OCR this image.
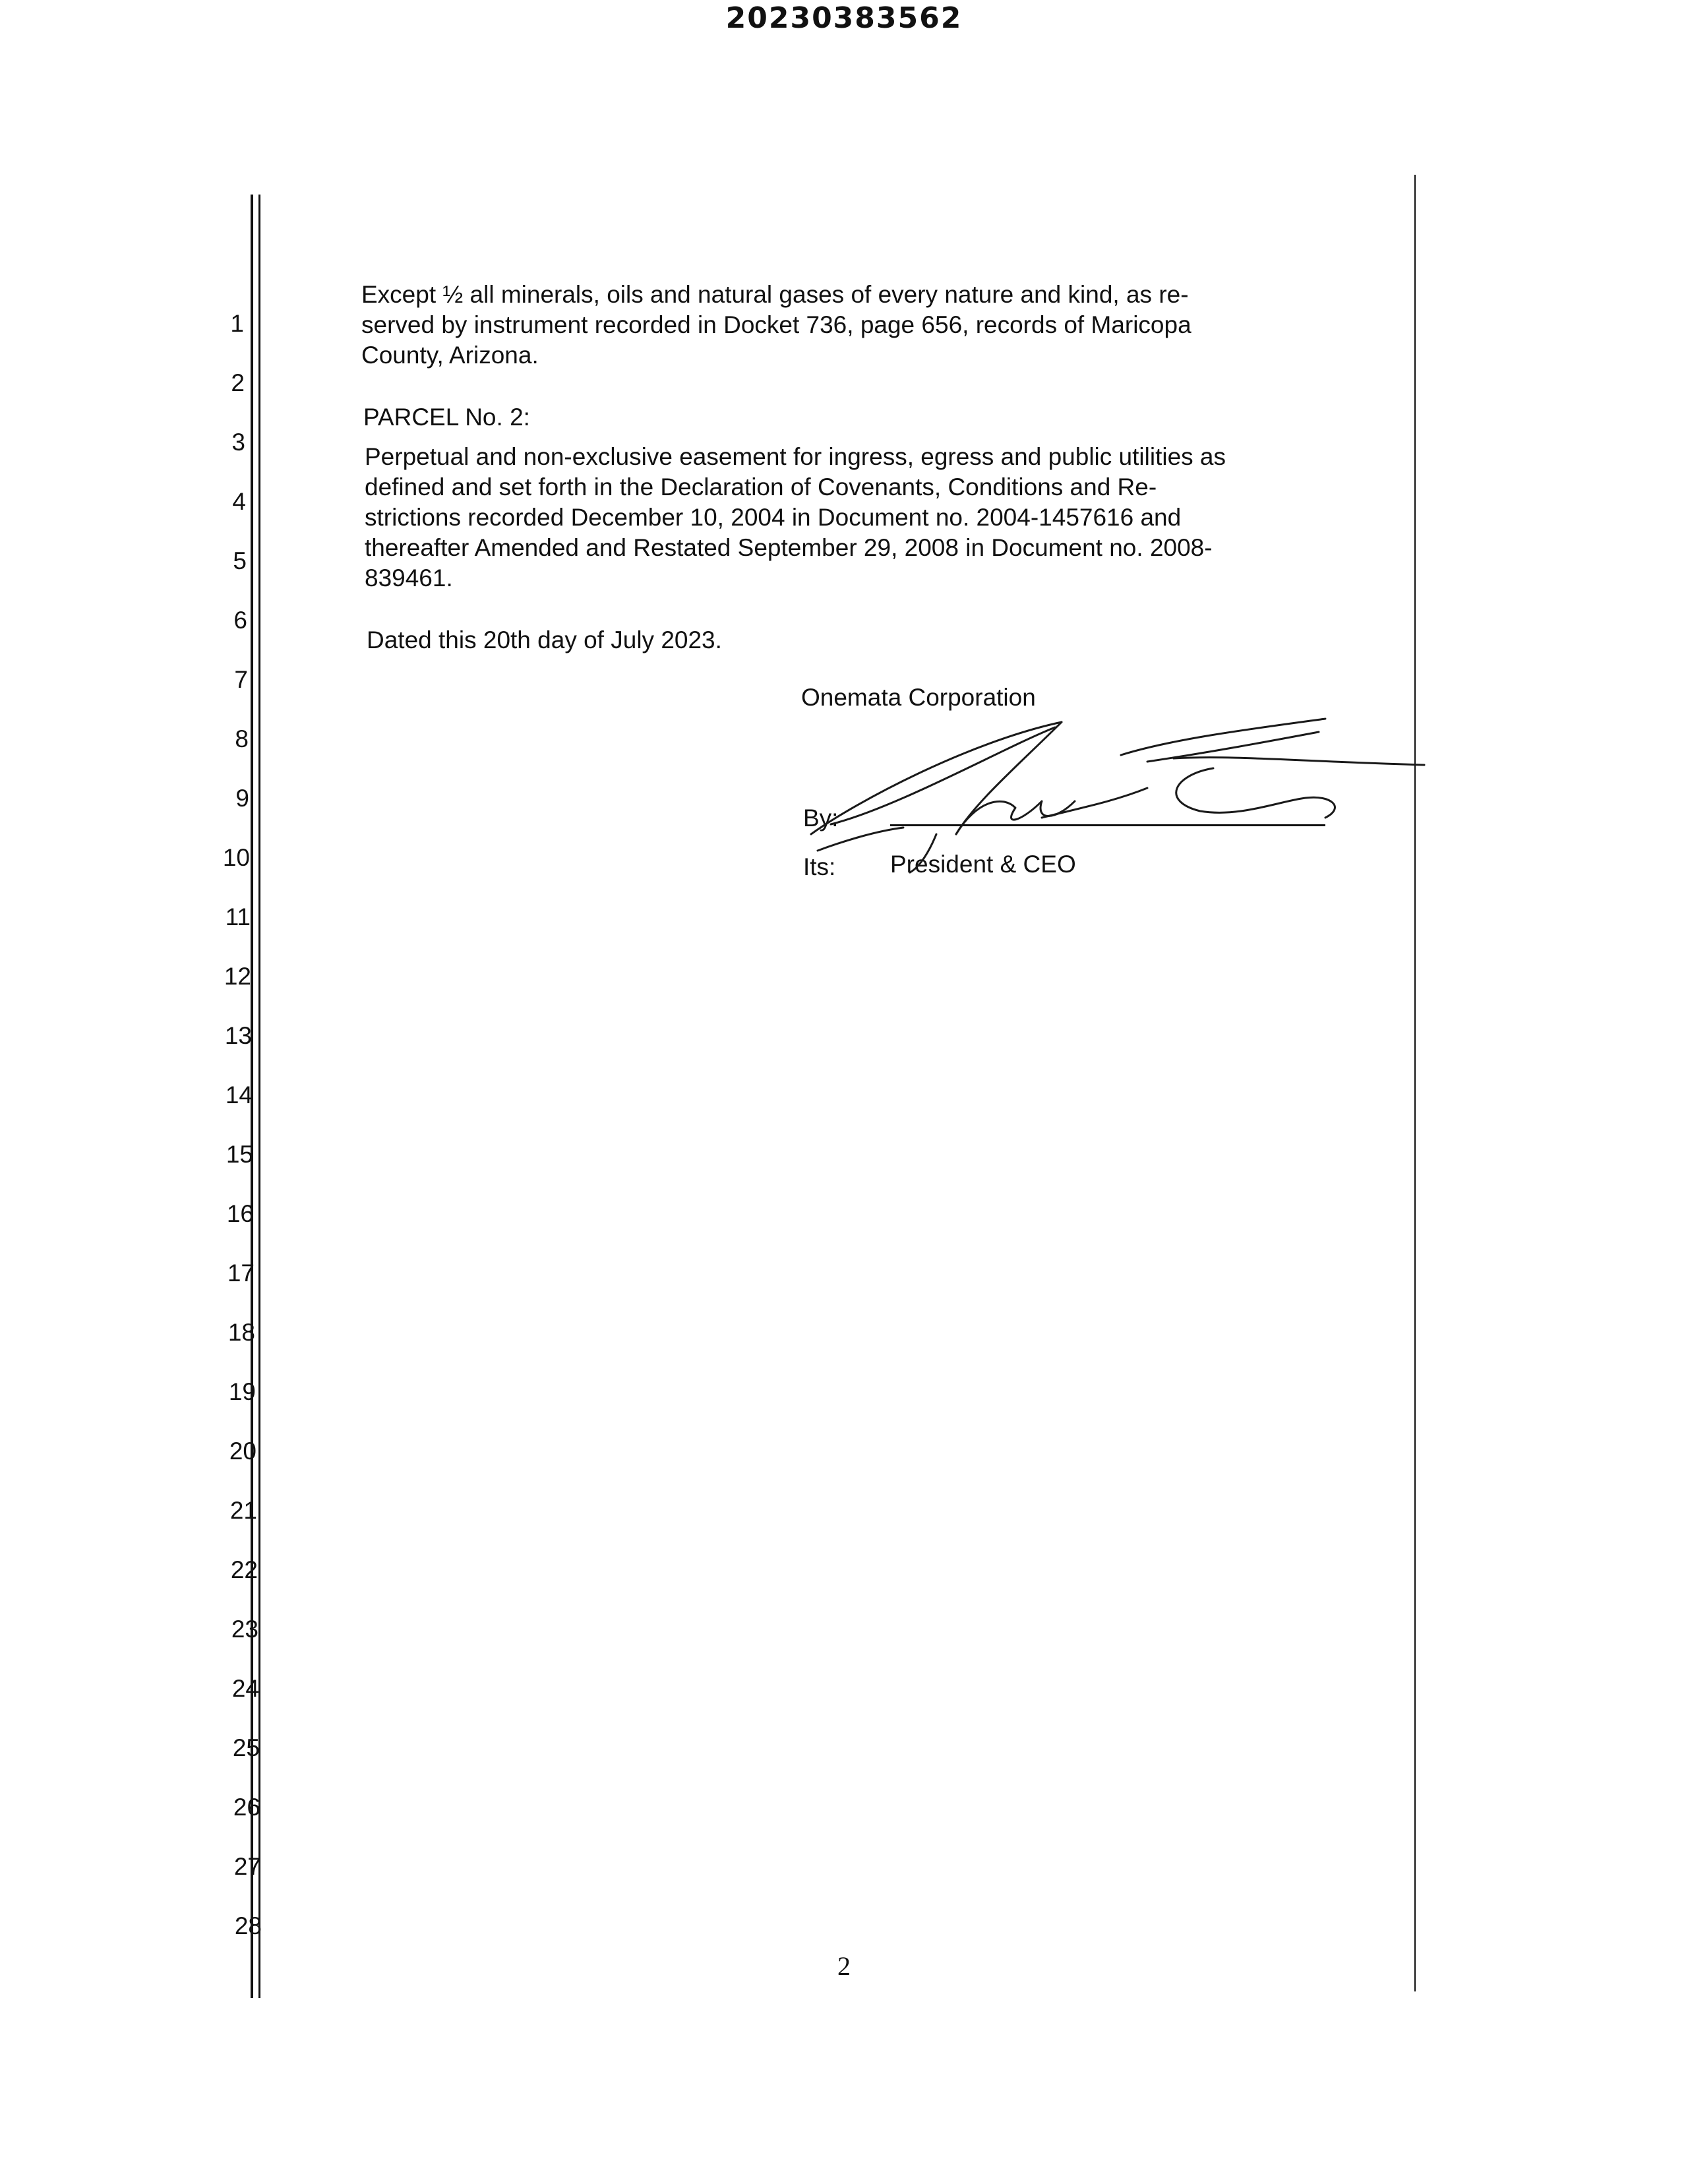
20230383562
1
2
3
4
5
6
7
8
9
10
11
12
13
14
15
16
17
18
19
20
21
22
23
24
25
26
27
28
Except ½ all minerals, oils and natural gases of every nature and kind, as re-
served by instrument recorded in Docket 736, page 656, records of Maricopa
County, Arizona.
PARCEL No. 2:
Perpetual and non-exclusive easement for ingress, egress and public utilities as
defined and set forth in the Declaration of Covenants, Conditions and Re-
strictions recorded December 10, 2004 in Document no. 2004-1457616 and
thereafter Amended and Restated September 29, 2008 in Document no. 2008-
839461.
Dated this 20th day of July 2023.
Onemata Corporation
By:
Its: President & CEO
2
